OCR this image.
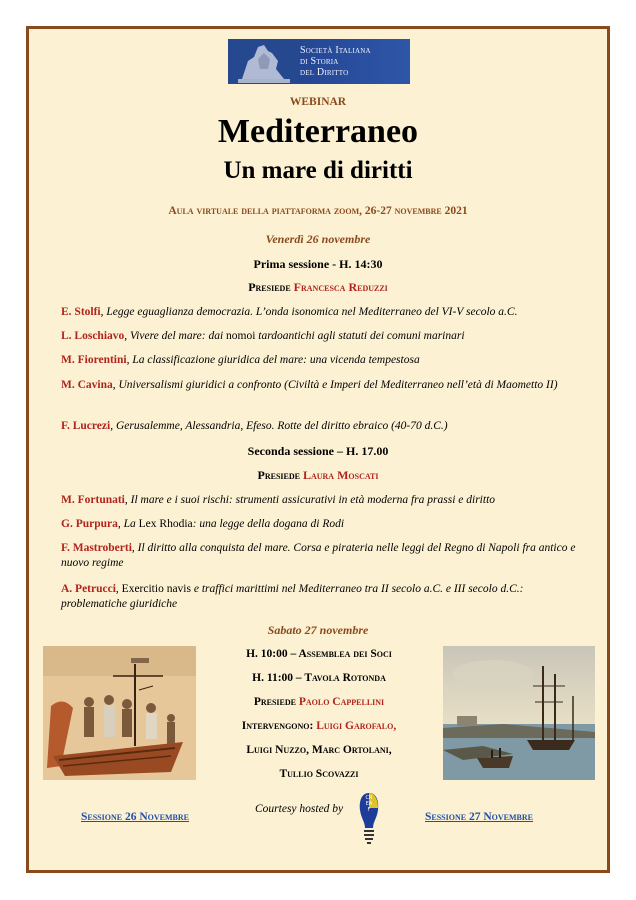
Società Italiana
di Storia
del Diritto
WEBINAR
Mediterraneo
Un mare di diritti
Aula virtuale della piattaforma zoom, 26-27 novembre 2021
Venerdì 26 novembre
Prima sessione - H. 14:30
Presiede Francesca Reduzzi
E. Stolfi, Legge eguaglianza democrazia. L’onda isonomica nel Mediterraneo del VI-V secolo a.C.
L. Loschiavo, Vivere del mare: dai nomoi tardoantichi agli statuti dei comuni marinari
M. Fiorentini, La classificazione giuridica del mare: una vicenda tempestosa
M. Cavina, Universalismi giuridici a confronto (Civiltà e Imperi del Mediterraneo nell’età di Maometto II)
F. Lucrezi, Gerusalemme, Alessandria, Efeso. Rotte del diritto ebraico (40-70 d.C.)
Seconda sessione – H. 17.00
Presiede Laura Moscati
M. Fortunati, Il mare e i suoi rischi: strumenti assicurativi in età moderna fra prassi e diritto
G. Purpura, La Lex Rhodia: una legge della dogana di Rodi
F. Mastroberti, Il diritto alla conquista del mare. Corsa e pirateria nelle leggi del Regno di Napoli fra antico e nuovo regime
A. Petrucci, Exercitio navis e traffici marittimi nel Mediterraneo tra II secolo a.C. e III secolo d.C.: problematiche giuridiche
Sabato 27 novembre
H. 10:00 – Assemblea dei Soci
H. 11:00 – Tavola Rotonda
Presiede Paolo Cappellini
Intervengono: Luigi Garofalo,
Luigi Nuzzo, Marc Ortolani,
Tullio Scovazzi
Courtesy hosted by
CREAF
Sessione 26 Novembre	Sessione 27 Novembre
